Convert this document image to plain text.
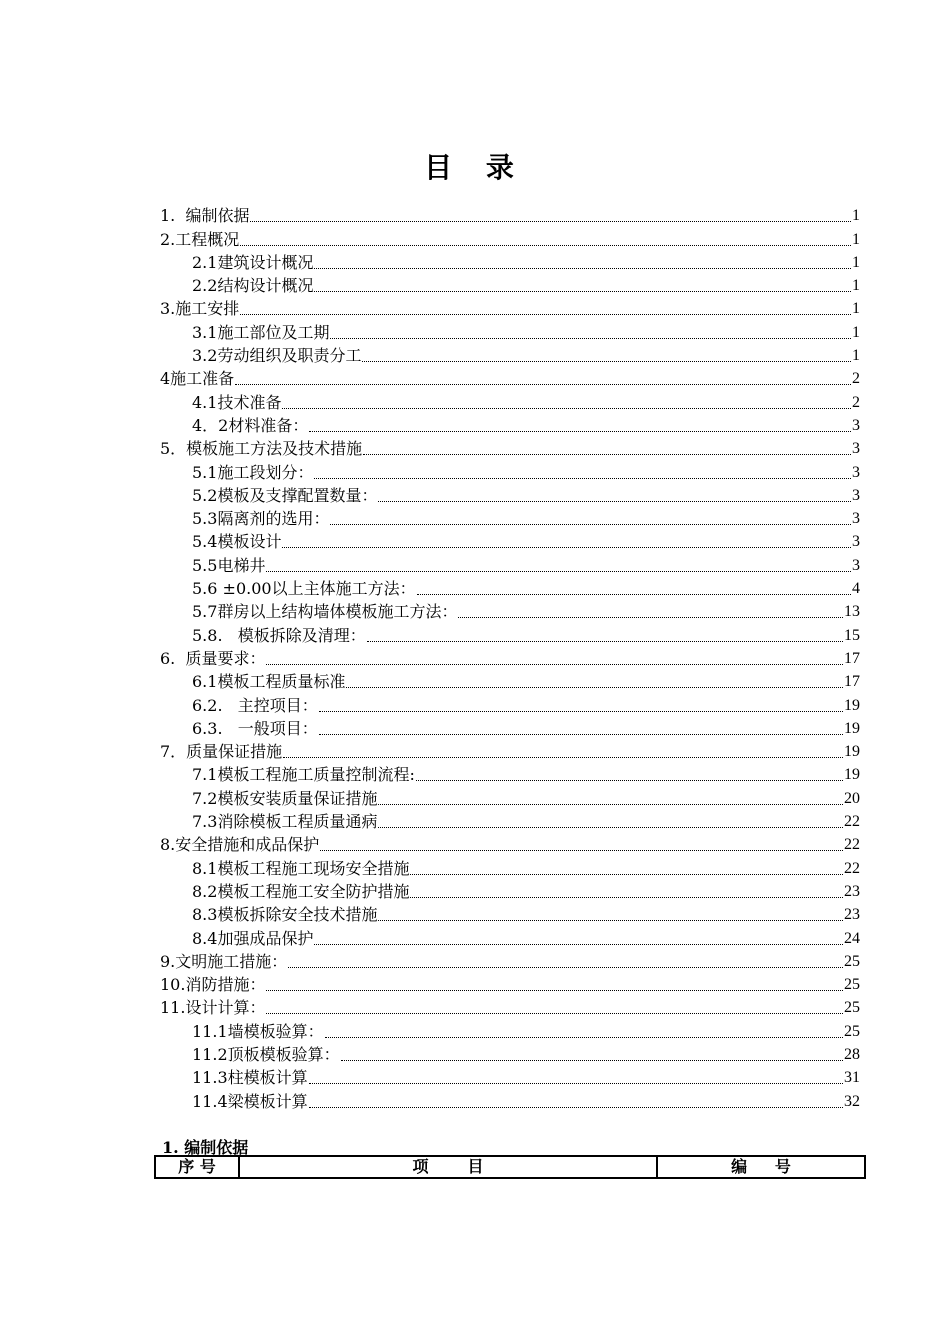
目 录
1.  编制依据	1
2.工程概况	1
2.1建筑设计概况	1
2.2结构设计概况	1
3.施工安排	1
3.1施工部位及工期	1
3.2劳动组织及职责分工	1
4施工准备	2
4.1技术准备	2
4．2材料准备：	3
5．模板施工方法及技术措施	3
5.1施工段划分：	3
5.2模板及支撑配置数量：	3
5.3隔离剂的选用：	3
5.4模板设计	3
5.5电梯井	3
5.6 ±0.00以上主体施工方法：	4
5.7群房以上结构墙体模板施工方法：	13
5.8.   模板拆除及清理：	15
6.  质量要求：	17
6.1模板工程质量标准	17
6.2.   主控项目：	19
6.3.   一般项目：	19
7．质量保证措施	19
7.1模板工程施工质量控制流程:	19
7.2模板安装质量保证措施	20
7.3消除模板工程质量通病	22
8.安全措施和成品保护	22
8.1模板工程施工现场安全措施	22
8.2模板工程施工安全防护措施	23
8.3模板拆除安全技术措施	23
8.4加强成品保护	24
9.文明施工措施：	25
10.消防措施：	25
11.设计计算：	25
11.1墙模板验算：	25
11.2顶板模板验算：	28
11.3柱模板计算	31
11.4梁模板计算	32
1. 编制依据
序 号	项       目	编     号
